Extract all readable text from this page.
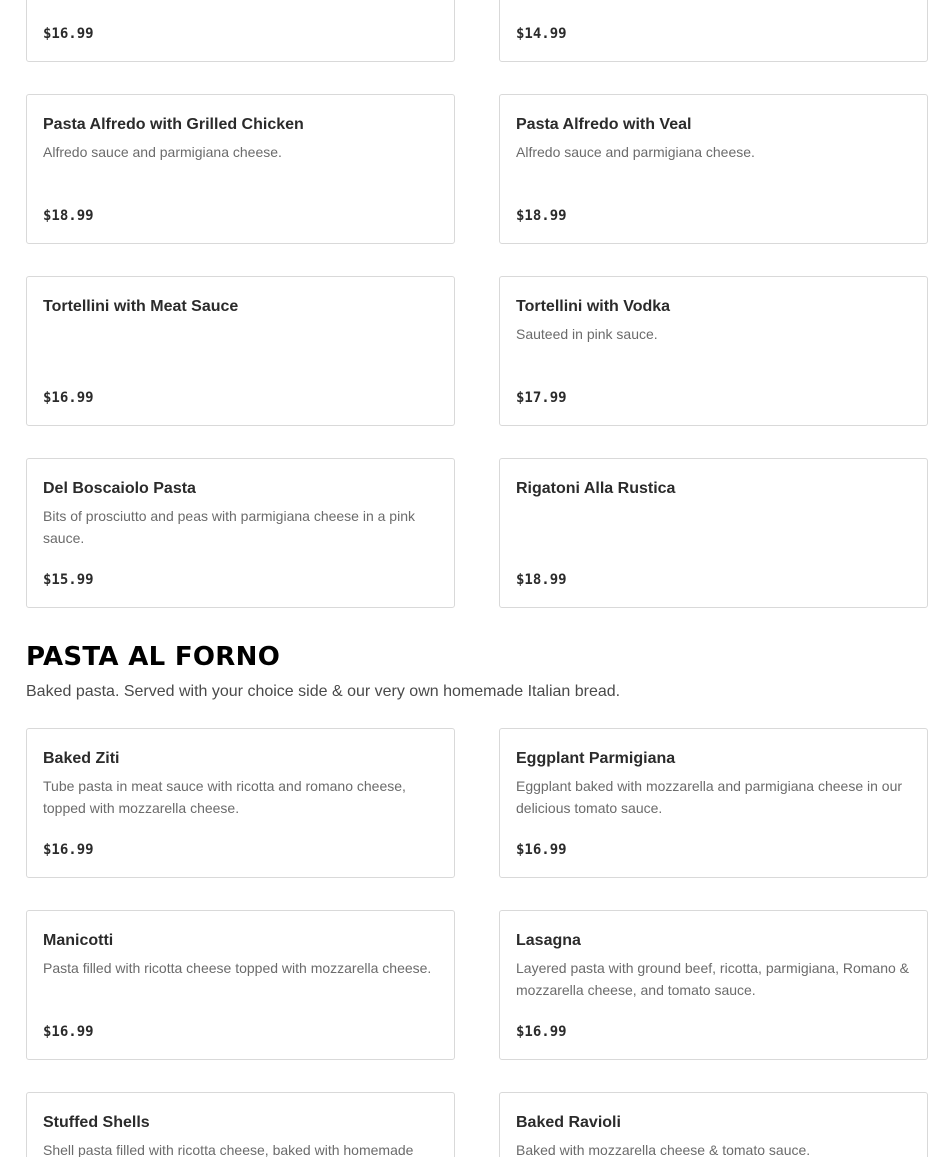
$16.99	$14.99

Pasta Alfredo with Grilled Chicken

Alfredo sauce and parmigiana cheese.

$18.99

Pasta Alfredo with Veal

Alfredo sauce and parmigiana cheese.

$18.99

Tortellini with Meat Sauce

$16.99

Tortellini with Vodka

Sauteed in pink sauce.

$17.99

Del Boscaiolo Pasta

Bits of prosciutto and peas with parmigiana cheese in a pink sauce.

$15.99

Rigatoni Alla Rustica

$18.99
PASTA AL FORNO

Baked pasta. Served with your choice side & our very own homemade Italian bread.

Baked Ziti

Tube pasta in meat sauce with ricotta and romano cheese, topped with mozzarella cheese.

$16.99

Eggplant Parmigiana

Eggplant baked with mozzarella and parmigiana cheese in our delicious tomato sauce.

$16.99

Manicotti

Pasta filled with ricotta cheese topped with mozzarella cheese.

$16.99

Lasagna

Layered pasta with ground beef, ricotta, parmigiana, Romano & mozzarella cheese, and tomato sauce.

$16.99

Stuffed Shells

Shell pasta filled with ricotta cheese, baked with homemade

Baked Ravioli

Baked with mozzarella cheese & tomato sauce.
